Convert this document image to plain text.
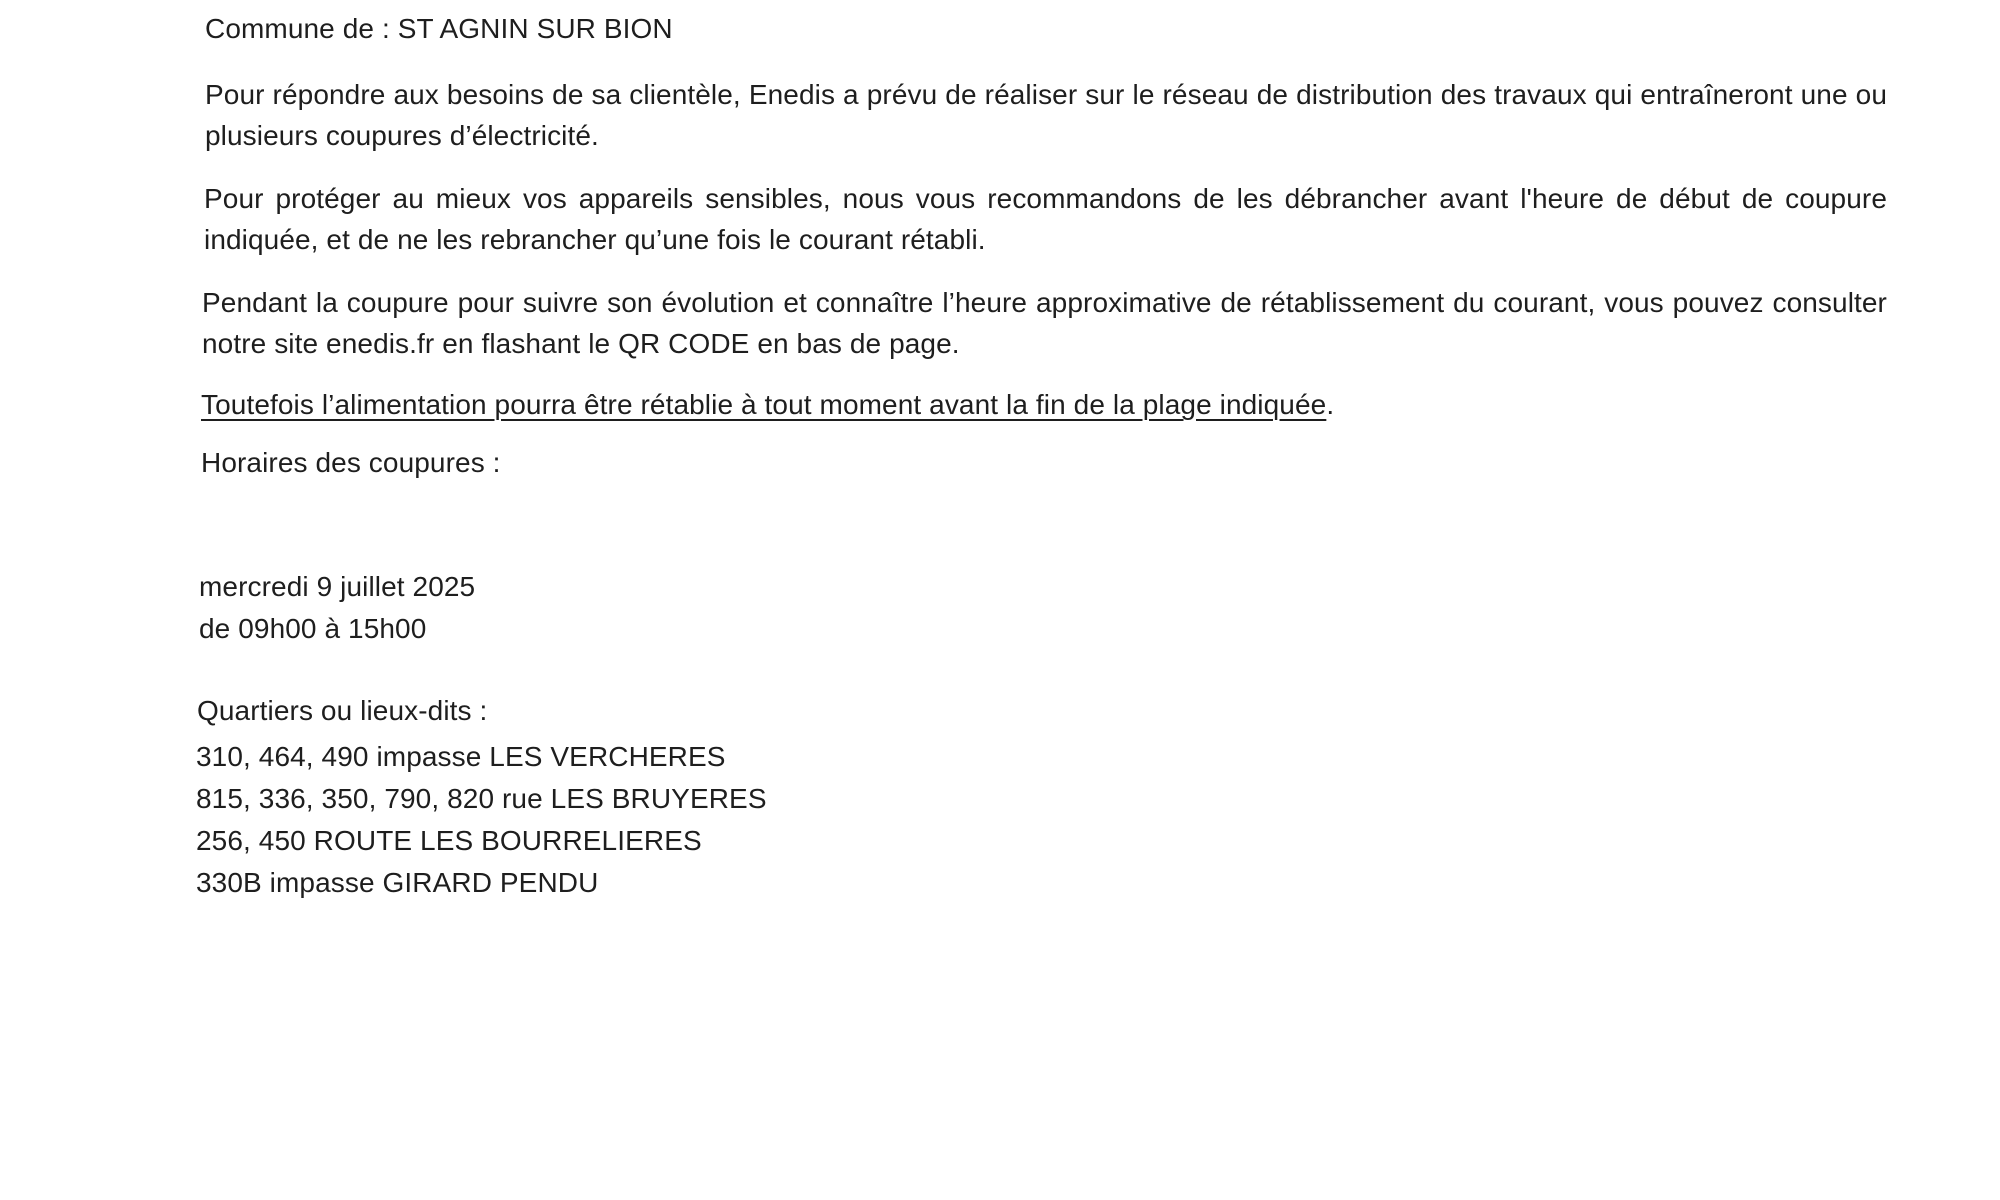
Commune de : ST AGNIN SUR BION

Pour répondre aux besoins de sa clientèle, Enedis a prévu de réaliser sur le réseau de distribution des travaux qui entraîneront une ou plusieurs coupures d’électricité.

Pour protéger au mieux vos appareils sensibles, nous vous recommandons de les débrancher avant l'heure de début de coupure indiquée, et de ne les rebrancher qu’une fois le courant rétabli.

Pendant la coupure pour suivre son évolution et connaître l’heure approximative de rétablissement du courant, vous pouvez consulter notre site enedis.fr en flashant le QR CODE en bas de page.

Toutefois l’alimentation pourra être rétablie à tout moment avant la fin de la plage indiquée.
Horaires des coupures :
mercredi 9 juillet 2025
de 09h00 à 15h00
Quartiers ou lieux-dits :
310, 464, 490 impasse LES VERCHERES
815, 336, 350, 790, 820 rue LES BRUYERES
256, 450 ROUTE LES BOURRELIERES
330B impasse GIRARD PENDU
